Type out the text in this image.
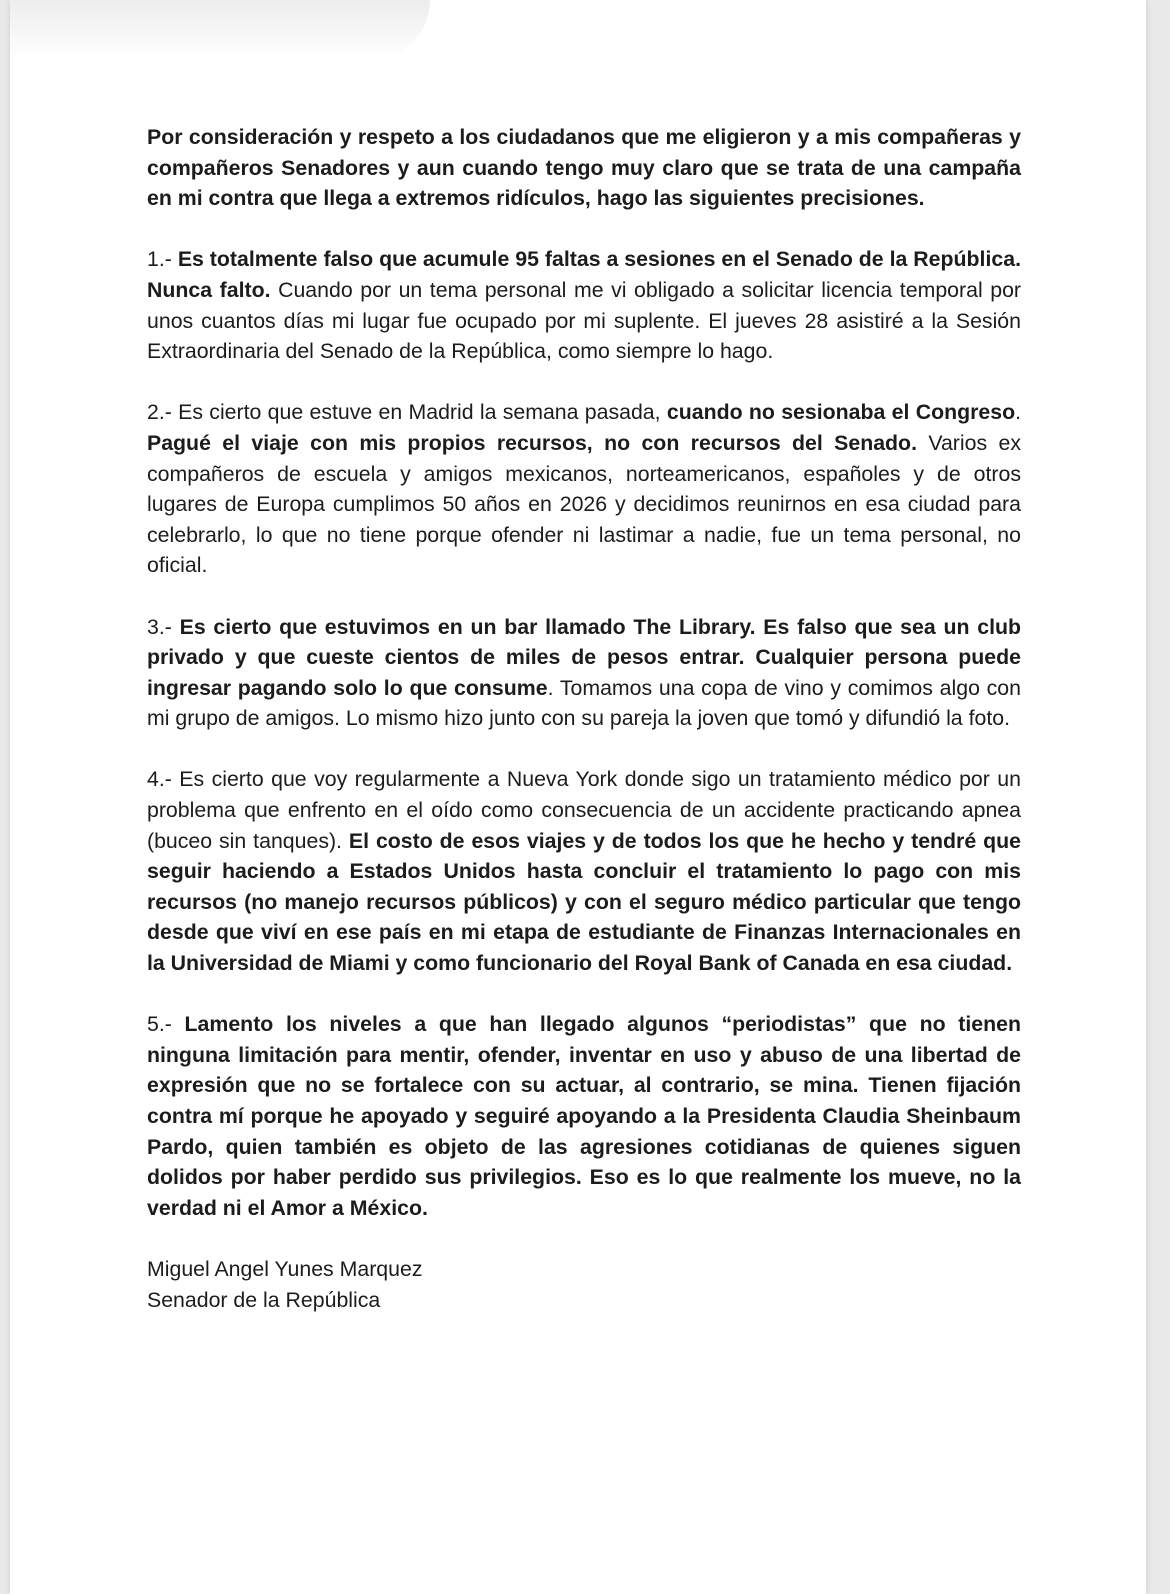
Por consideración y respeto a los ciudadanos que me eligieron y a mis compañeras y compañeros Senadores y aun cuando tengo muy claro que se trata de una campaña en mi contra que llega a extremos ridículos, hago las siguientes precisiones.

1.- Es totalmente falso que acumule 95 faltas a sesiones en el Senado de la República. Nunca falto. Cuando por un tema personal me vi obligado a solicitar licencia temporal por unos cuantos días mi lugar fue ocupado por mi suplente. El jueves 28 asistiré a la Sesión Extraordinaria del Senado de la República, como siempre lo hago.

2.- Es cierto que estuve en Madrid la semana pasada, cuando no sesionaba el Congreso. Pagué el viaje con mis propios recursos, no con recursos del Senado. Varios ex compañeros de escuela y amigos mexicanos, norteamericanos, españoles y de otros lugares de Europa cumplimos 50 años en 2026 y decidimos reunirnos en esa ciudad para celebrarlo, lo que no tiene porque ofender ni lastimar a nadie, fue un tema personal, no oficial.

3.- Es cierto que estuvimos en un bar llamado The Library. Es falso que sea un club privado y que cueste cientos de miles de pesos entrar. Cualquier persona puede ingresar pagando solo lo que consume. Tomamos una copa de vino y comimos algo con mi grupo de amigos. Lo mismo hizo junto con su pareja la joven que tomó y difundió la foto.

4.- Es cierto que voy regularmente a Nueva York donde sigo un tratamiento médico por un problema que enfrento en el oído como consecuencia de un accidente practicando apnea (buceo sin tanques). El costo de esos viajes y de todos los que he hecho y tendré que seguir haciendo a Estados Unidos hasta concluir el tratamiento lo pago con mis recursos (no manejo recursos públicos) y con el seguro médico particular que tengo desde que viví en ese país en mi etapa de estudiante de Finanzas Internacionales en la Universidad de Miami y como funcionario del Royal Bank of Canada en esa ciudad.

5.- Lamento los niveles a que han llegado algunos “periodistas” que no tienen ninguna limitación para mentir, ofender, inventar en uso y abuso de una libertad de expresión que no se fortalece con su actuar, al contrario, se mina. Tienen fijación contra mí porque he apoyado y seguiré apoyando a la Presidenta Claudia Sheinbaum Pardo, quien también es objeto de las agresiones cotidianas de quienes siguen dolidos por haber perdido sus privilegios. Eso es lo que realmente los mueve, no la verdad ni el Amor a México.

Miguel Angel Yunes Marquez

Senador de la República
